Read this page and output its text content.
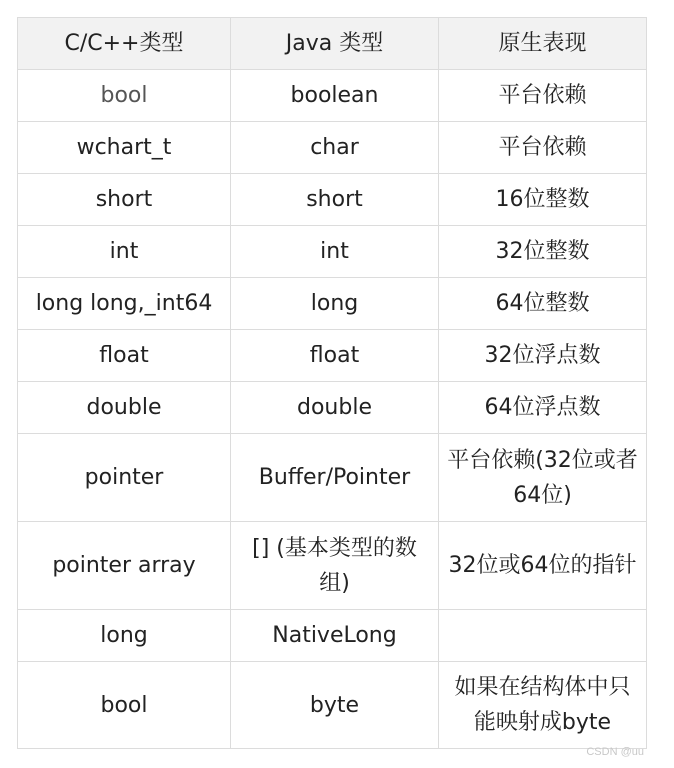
C/C++类型	Java 类型	原生表现
bool	boolean	平台依赖
wchart_t	char	平台依赖
short	short	16位整数
int	int	32位整数
long long,_int64	long	64位整数
float	float	32位浮点数
double	double	64位浮点数
pointer	Buffer/Pointer	平台依赖(32位或者64位)
pointer array	[] (基本类型的数组)	32位或64位的指针
long	NativeLong	
bool	byte	如果在结构体中只能映射成byte
CSDN @uu
